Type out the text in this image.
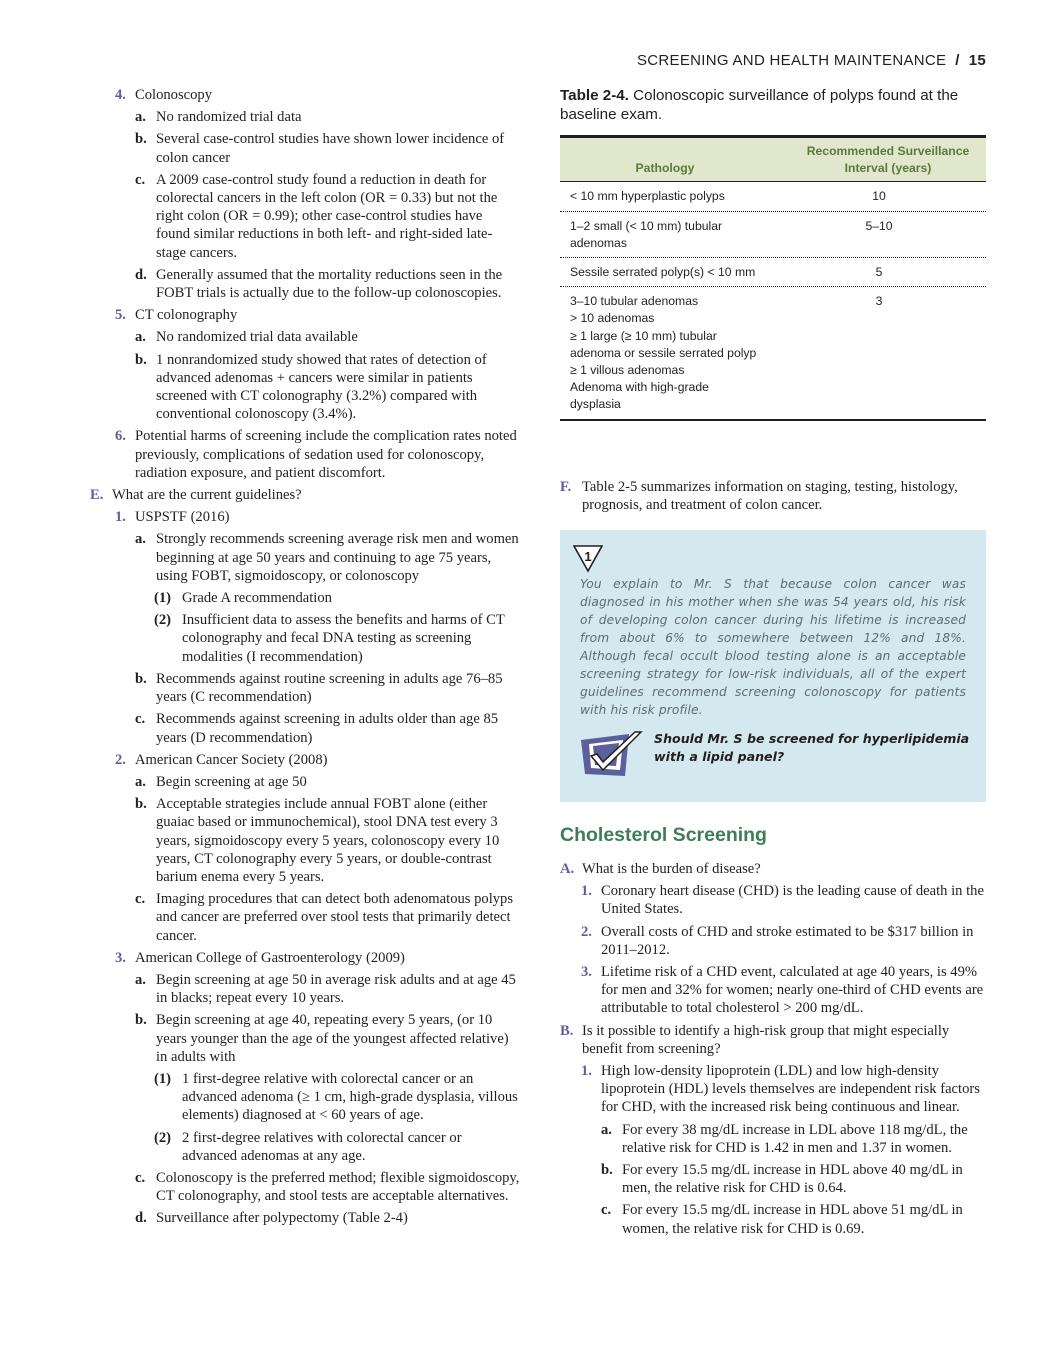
SCREENING AND HEALTH MAINTENANCE / 15
4. Colonoscopy
a. No randomized trial data
b. Several case-control studies have shown lower incidence of colon cancer
c. A 2009 case-control study found a reduction in death for colorectal cancers in the left colon (OR = 0.33) but not the right colon (OR = 0.99); other case-control studies have found similar reductions in both left- and right-sided late-stage cancers.
d. Generally assumed that the mortality reductions seen in the FOBT trials is actually due to the follow-up colonoscopies.
5. CT colonography
a. No randomized trial data available
b. 1 nonrandomized study showed that rates of detection of advanced adenomas + cancers were similar in patients screened with CT colonography (3.2%) compared with conventional colonoscopy (3.4%).
6. Potential harms of screening include the complication rates noted previously, complications of sedation used for colonoscopy, radiation exposure, and patient discomfort.
E. What are the current guidelines?
1. USPSTF (2016)
a. Strongly recommends screening average risk men and women beginning at age 50 years and continuing to age 75 years, using FOBT, sigmoidoscopy, or colonoscopy
(1) Grade A recommendation
(2) Insufficient data to assess the benefits and harms of CT colonography and fecal DNA testing as screening modalities (I recommendation)
b. Recommends against routine screening in adults age 76–85 years (C recommendation)
c. Recommends against screening in adults older than age 85 years (D recommendation)
2. American Cancer Society (2008)
a. Begin screening at age 50
b. Acceptable strategies include annual FOBT alone (either guaiac based or immunochemical), stool DNA test every 3 years, sigmoidoscopy every 5 years, colonoscopy every 10 years, CT colonography every 5 years, or double-contrast barium enema every 5 years.
c. Imaging procedures that can detect both adenomatous polyps and cancer are preferred over stool tests that primarily detect cancer.
3. American College of Gastroenterology (2009)
a. Begin screening at age 50 in average risk adults and at age 45 in blacks; repeat every 10 years.
b. Begin screening at age 40, repeating every 5 years, (or 10 years younger than the age of the youngest affected relative) in adults with
(1) 1 first-degree relative with colorectal cancer or an advanced adenoma (≥ 1 cm, high-grade dysplasia, villous elements) diagnosed at < 60 years of age.
(2) 2 first-degree relatives with colorectal cancer or advanced adenomas at any age.
c. Colonoscopy is the preferred method; flexible sigmoidoscopy, CT colonography, and stool tests are acceptable alternatives.
d. Surveillance after polypectomy (Table 2-4)
Table 2-4. Colonoscopic surveillance of polyps found at the baseline exam.
Pathology
Recommended Surveillance
Interval (years)
< 10 mm hyperplastic polyps	10
1–2 small (< 10 mm) tubular
adenomas
5–10
Sessile serrated polyp(s) < 10 mm	5
3–10 tubular adenomas
> 10 adenomas
≥ 1 large (≥ 10 mm) tubular
adenoma or sessile serrated polyp
≥ 1 villous adenomas
Adenoma with high-grade
dysplasia
3
F. Table 2-5 summarizes information on staging, testing, histology, prognosis, and treatment of colon cancer.
1
You explain to Mr. S that because colon cancer was diagnosed in his mother when she was 54 years old, his risk of developing colon cancer during his lifetime is increased from about 6% to somewhere between 12% and 18%. Although fecal occult blood testing alone is an acceptable screening strategy for low-risk individuals, all of the expert guidelines recommend screening colonoscopy for patients with his risk profile.
Should Mr. S be screened for hyperlipidemia with a lipid panel?
Cholesterol Screening
A. What is the burden of disease?
1. Coronary heart disease (CHD) is the leading cause of death in the United States.
2. Overall costs of CHD and stroke estimated to be $317 billion in 2011–2012.
3. Lifetime risk of a CHD event, calculated at age 40 years, is 49% for men and 32% for women; nearly one-third of CHD events are attributable to total cholesterol > 200 mg/dL.
B. Is it possible to identify a high-risk group that might especially benefit from screening?
1. High low-density lipoprotein (LDL) and low high-density lipoprotein (HDL) levels themselves are independent risk factors for CHD, with the increased risk being continuous and linear.
a. For every 38 mg/dL increase in LDL above 118 mg/dL, the relative risk for CHD is 1.42 in men and 1.37 in women.
b. For every 15.5 mg/dL increase in HDL above 40 mg/dL in men, the relative risk for CHD is 0.64.
c. For every 15.5 mg/dL increase in HDL above 51 mg/dL in women, the relative risk for CHD is 0.69.
